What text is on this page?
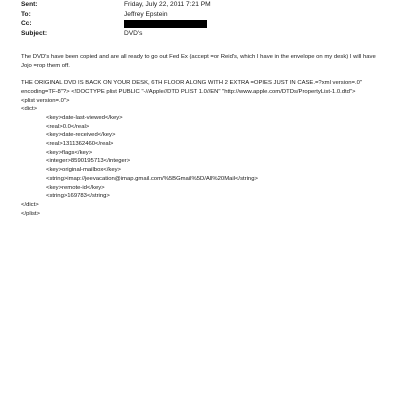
Sent:	Friday, July 22, 2011 7:21 PM
To:	Jeffrey Epstein
Cc:
Subject:	DVD's

The DVD's have been copied and are all ready to go out Fed Ex (accept =or Reid's, which I have in the envelope on my desk) I will have Jojo =rop them off.

THE ORIGINAL DVD IS BACK ON YOUR DESK, 6TH FLOOR ALONG WITH 2 EXTRA =OPIES JUST IN CASE.=?xml version=.0" encoding=TF-8"?> <!DOCTYPE plist PUBLIC "-//Apple//DTD PLIST 1.0//EN" "http://www.apple.com/DTDs/PropertyList-1.0.dtd">

<plist version=.0">
<dict>
<key>date-last-viewed</key>
<real>0.0</real>
<key>date-received</key>
<real>1311362460</real>
<key>flags</key>
<integer>8590195713</integer>
<key>original-mailbox</key>
<string>imap://jeevacation@imap.gmail.com/%5BGmail%5D/All%20Mail</string>
<key>remote-id</key>
<string>169783</string>
</dict>
</plist>
